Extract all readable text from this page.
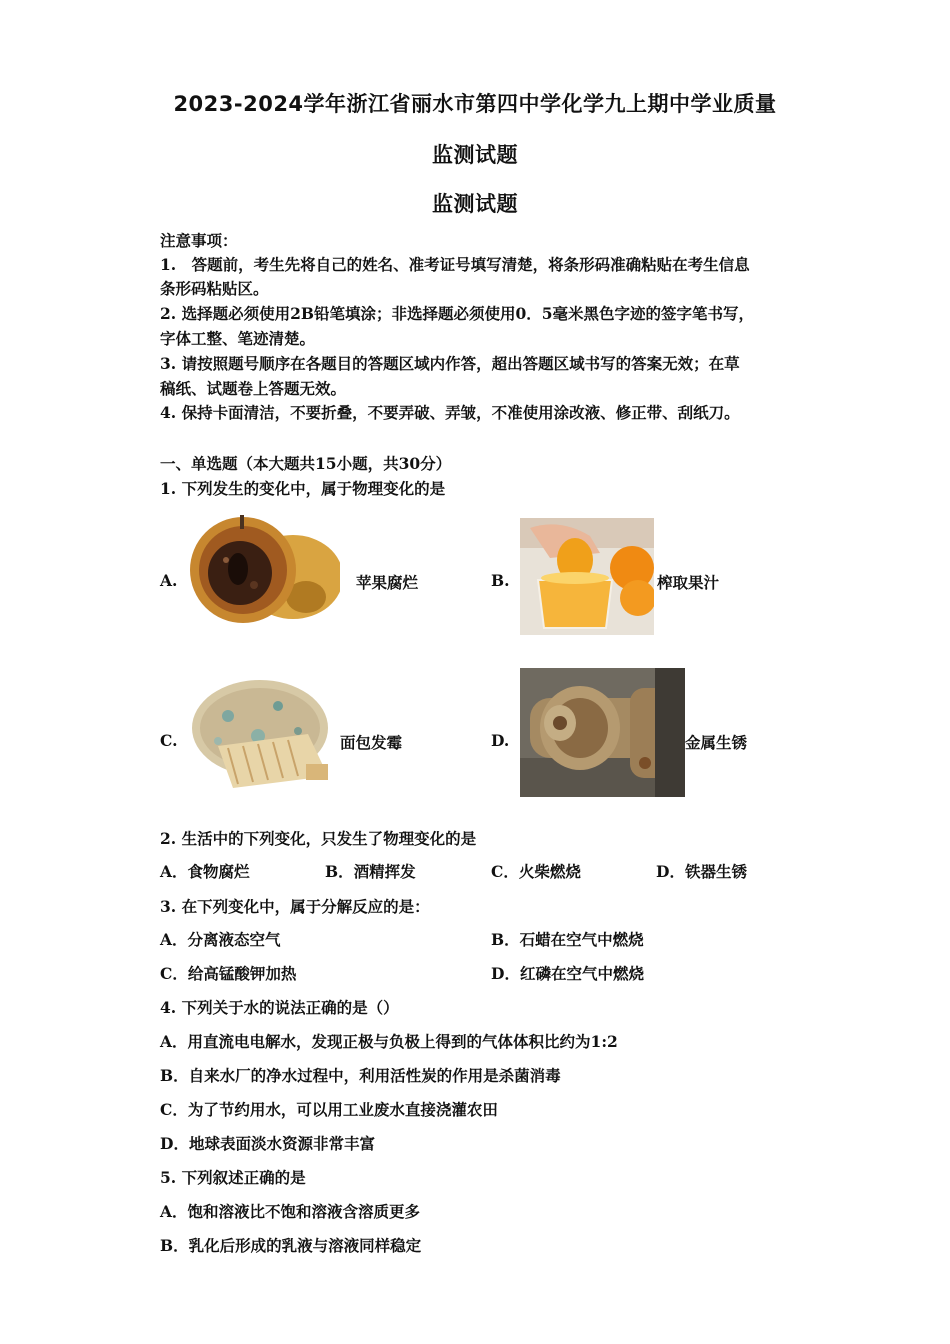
2023-2024学年浙江省丽水市第四中学化学九上期中学业质量
监测试题
监测试题
注意事项：
1.　答题前，考生先将自己的姓名、准考证号填写清楚，将条形码准确粘贴在考生信息
条形码粘贴区。
2. 选择题必须使用2B铅笔填涂；非选择题必须使用0．5毫米黑色字迹的签字笔书写，
字体工整、笔迹清楚。
3. 请按照题号顺序在各题目的答题区域内作答，超出答题区域书写的答案无效；在草
稿纸、试题卷上答题无效。
4. 保持卡面清洁，不要折叠，不要弄破、弄皱，不准使用涂改液、修正带、刮纸刀。
一、单选题（本大题共15小题，共30分）
1. 下列发生的变化中，属于物理变化的是
A.	苹果腐烂	B.	榨取果汁
C.	面包发霉	D.	金属生锈
2. 生活中的下列变化，只发生了物理变化的是
A．食物腐烂	B．酒精挥发	C．火柴燃烧	D．铁器生锈
3. 在下列变化中，属于分解反应的是：
A．分离液态空气	B．石蜡在空气中燃烧
C．给高锰酸钾加热	D．红磷在空气中燃烧
4. 下列关于水的说法正确的是（）
A．用直流电电解水，发现正极与负极上得到的气体体积比约为1:2
B．自来水厂的净水过程中，利用活性炭的作用是杀菌消毒
C．为了节约用水，可以用工业废水直接浇灌农田
D．地球表面淡水资源非常丰富
5. 下列叙述正确的是
A．饱和溶液比不饱和溶液含溶质更多
B．乳化后形成的乳液与溶液同样稳定
